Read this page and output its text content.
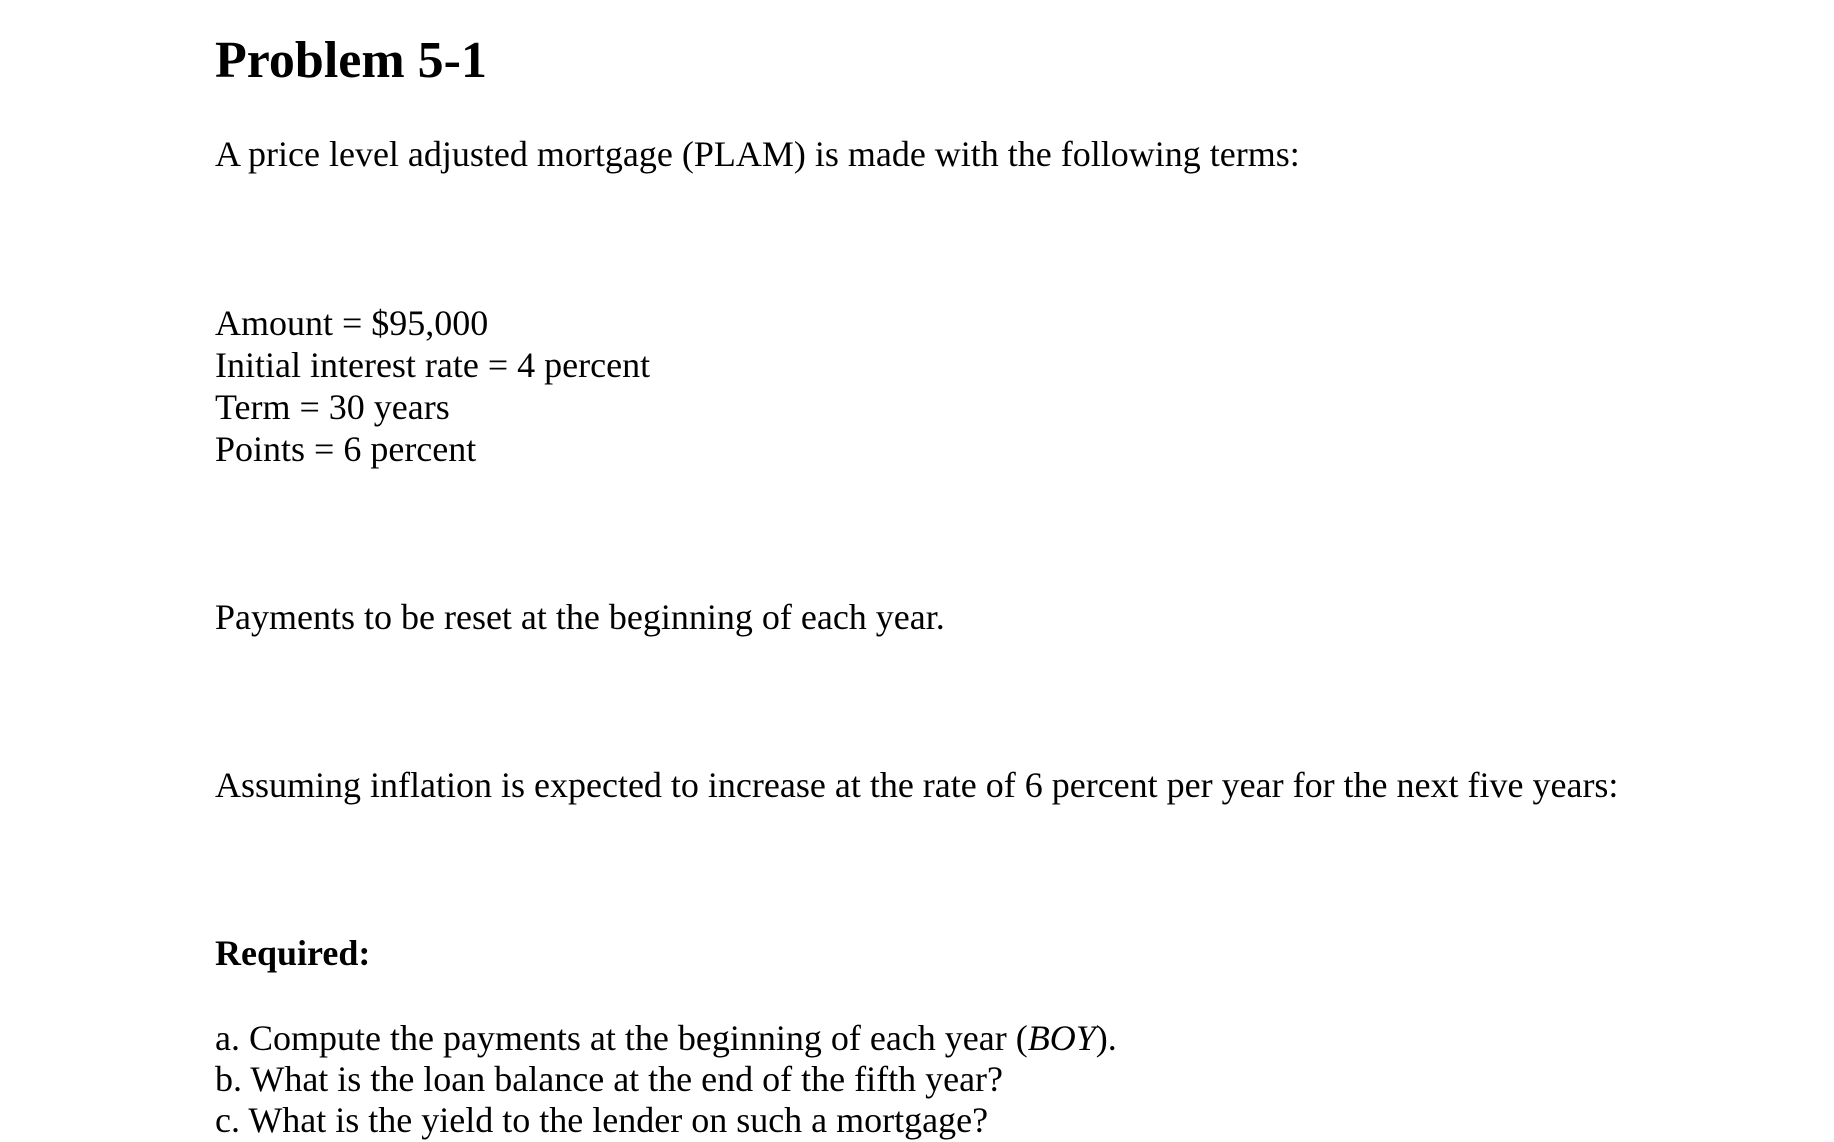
Problem 5-1

A price level adjusted mortgage (PLAM) is made with the following terms:

Amount = $95,000
Initial interest rate = 4 percent
Term = 30 years
Points = 6 percent

Payments to be reset at the beginning of each year.

Assuming inflation is expected to increase at the rate of 6 percent per year for the next five years:

Required:

a. Compute the payments at the beginning of each year (BOY).
b. What is the loan balance at the end of the fifth year?
c. What is the yield to the lender on such a mortgage?
